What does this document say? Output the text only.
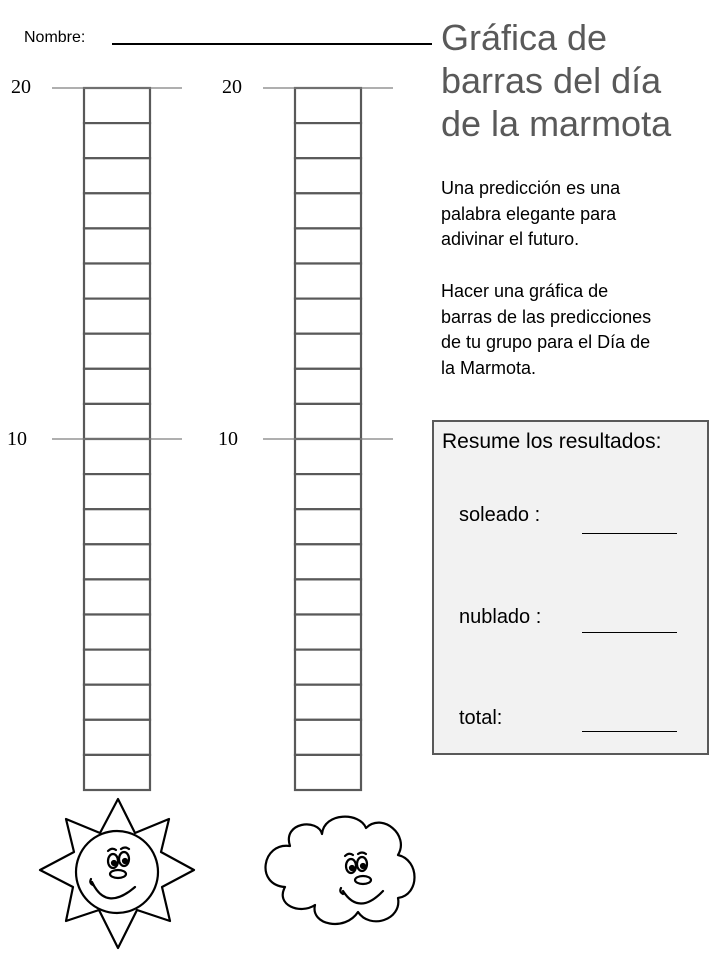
Nombre:	Gráfica de
barras del día
de la marmota
Una predicción es una
palabra elegante para
adivinar el futuro.
Hacer una gráfica de
barras de las predicciones
de tu grupo para el Día de
la Marmota.
Resume los resultados:
soleado :
nublado :
total:
20
10
20
10
